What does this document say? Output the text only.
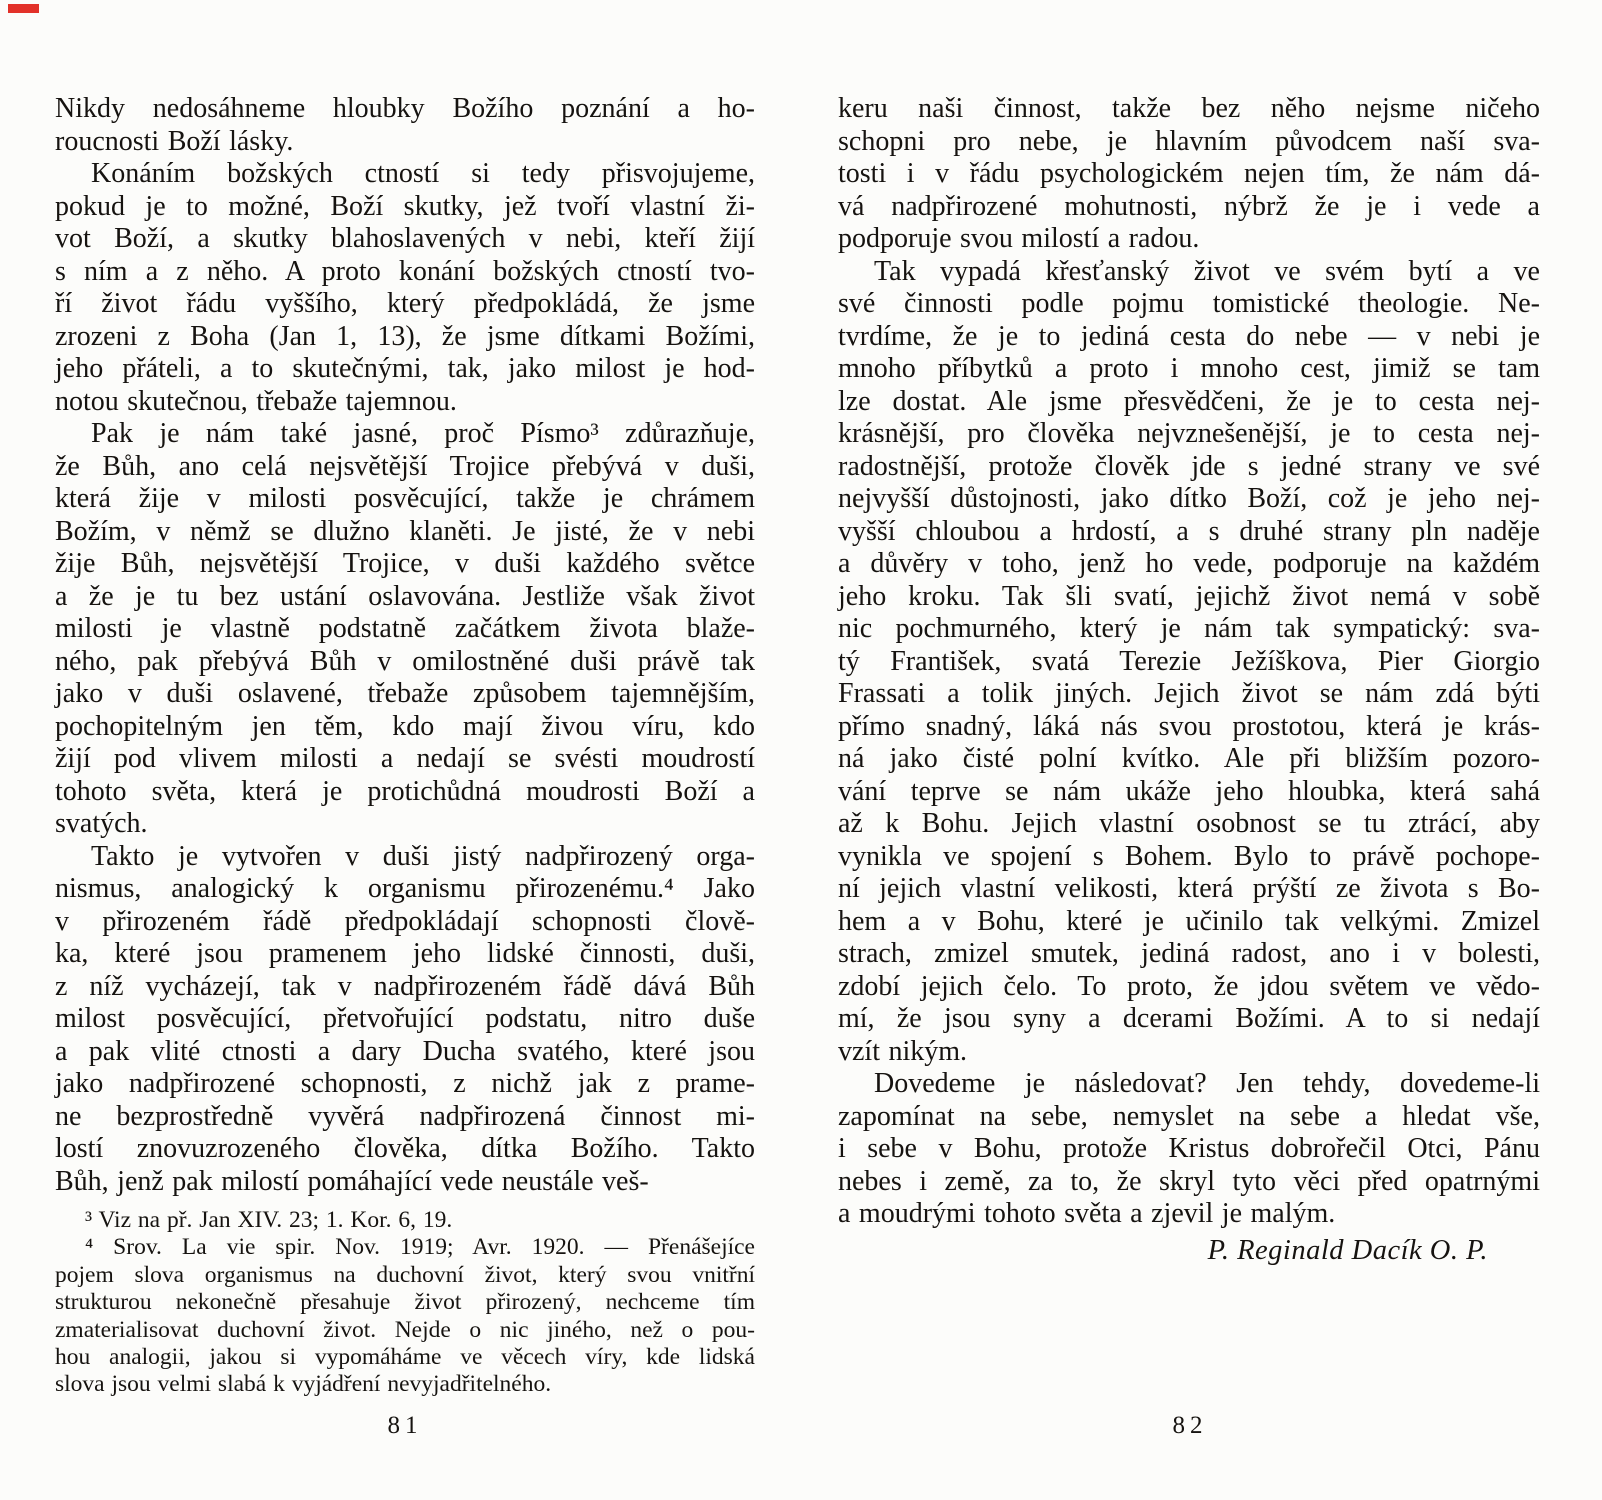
Nikdy nedosáhneme hloubky Božího poznání a ho-
roucnosti Boží lásky.
Konáním božských ctností si tedy přisvojujeme,
pokud je to možné, Boží skutky, jež tvoří vlastní ži-
vot Boží, a skutky blahoslavených v nebi, kteří žijí
s ním a z něho. A proto konání božských ctností tvo-
ří život řádu vyššího, který předpokládá, že jsme
zrozeni z Boha (Jan 1, 13), že jsme dítkami Božími,
jeho přáteli, a to skutečnými, tak, jako milost je hod-
notou skutečnou, třebaže tajemnou.
Pak je nám také jasné, proč Písmo³ zdůrazňuje,
že Bůh, ano celá nejsvětější Trojice přebývá v duši,
která žije v milosti posvěcující, takže je chrámem
Božím, v němž se dlužno klaněti. Je jisté, že v nebi
žije Bůh, nejsvětější Trojice, v duši každého světce
a že je tu bez ustání oslavována. Jestliže však život
milosti je vlastně podstatně začátkem života blaže-
ného, pak přebývá Bůh v omilostněné duši právě tak
jako v duši oslavené, třebaže způsobem tajemnějším,
pochopitelným jen těm, kdo mají živou víru, kdo
žijí pod vlivem milosti a nedají se svésti moudrostí
tohoto světa, která je protichůdná moudrosti Boží a
svatých.
Takto je vytvořen v duši jistý nadpřirozený orga-
nismus, analogický k organismu přirozenému.⁴ Jako
v přirozeném řádě předpokládají schopnosti člově-
ka, které jsou pramenem jeho lidské činnosti, duši,
z níž vycházejí, tak v nadpřirozeném řádě dává Bůh
milost posvěcující, přetvořující podstatu, nitro duše
a pak vlité ctnosti a dary Ducha svatého, které jsou
jako nadpřirozené schopnosti, z nichž jak z prame-
ne bezprostředně vyvěrá nadpřirozená činnost mi-
lostí znovuzrozeného člověka, dítka Božího. Takto
Bůh, jenž pak milostí pomáhající vede neustále veš-
³ Viz na př. Jan XIV. 23; 1. Kor. 6, 19.
⁴ Srov. La vie spir. Nov. 1919; Avr. 1920. — Přenášejíce
pojem slova organismus na duchovní život, který svou vnitřní
strukturou nekonečně přesahuje život přirozený, nechceme tím
zmaterialisovat duchovní život. Nejde o nic jiného, než o pou-
hou analogii, jakou si vypomáháme ve věcech víry, kde lidská
slova jsou velmi slabá k vyjádření nevyjadřitelného.
keru naši činnost, takže bez něho nejsme ničeho
schopni pro nebe, je hlavním původcem naší sva-
tosti i v řádu psychologickém nejen tím, že nám dá-
vá nadpřirozené mohutnosti, nýbrž že je i vede a
podporuje svou milostí a radou.
Tak vypadá křesťanský život ve svém bytí a ve
své činnosti podle pojmu tomistické theologie. Ne-
tvrdíme, že je to jediná cesta do nebe — v nebi je
mnoho příbytků a proto i mnoho cest, jimiž se tam
lze dostat. Ale jsme přesvědčeni, že je to cesta nej-
krásnější, pro člověka nejvznešenější, je to cesta nej-
radostnější, protože člověk jde s jedné strany ve své
nejvyšší důstojnosti, jako dítko Boží, což je jeho nej-
vyšší chloubou a hrdostí, a s druhé strany pln naděje
a důvěry v toho, jenž ho vede, podporuje na každém
jeho kroku. Tak šli svatí, jejichž život nemá v sobě
nic pochmurného, který je nám tak sympatický: sva-
tý František, svatá Terezie Ježíškova, Pier Giorgio
Frassati a tolik jiných. Jejich život se nám zdá býti
přímo snadný, láká nás svou prostotou, která je krás-
ná jako čisté polní kvítko. Ale při bližším pozoro-
vání teprve se nám ukáže jeho hloubka, která sahá
až k Bohu. Jejich vlastní osobnost se tu ztrácí, aby
vynikla ve spojení s Bohem. Bylo to právě pochope-
ní jejich vlastní velikosti, která prýští ze života s Bo-
hem a v Bohu, které je učinilo tak velkými. Zmizel
strach, zmizel smutek, jediná radost, ano i v bolesti,
zdobí jejich čelo. To proto, že jdou světem ve vědo-
mí, že jsou syny a dcerami Božími. A to si nedají
vzít nikým.
Dovedeme je následovat? Jen tehdy, dovedeme-li
zapomínat na sebe, nemyslet na sebe a hledat vše,
i sebe v Bohu, protože Kristus dobrořečil Otci, Pánu
nebes i země, za to, že skryl tyto věci před opatrnými
a moudrými tohoto světa a zjevil je malým.
P. Reginald Dacík O. P.
81	82
